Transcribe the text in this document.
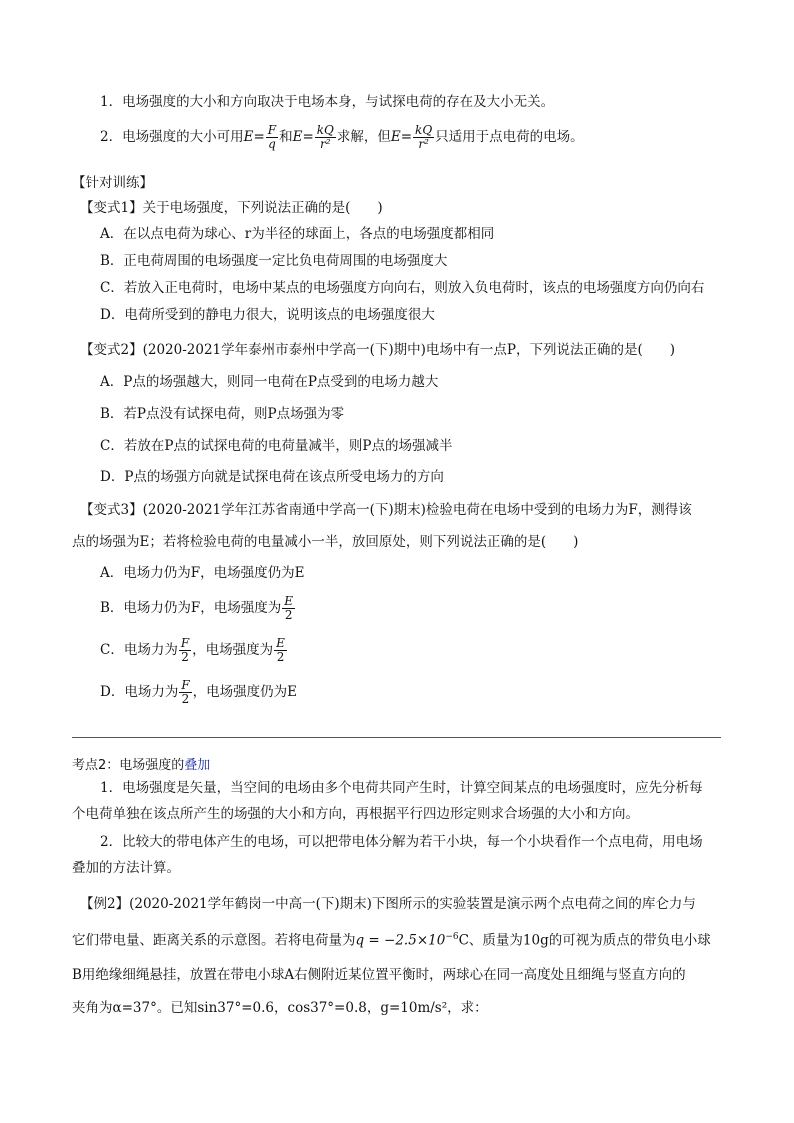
1．电场强度的大小和方向取决于电场本身，与试探电荷的存在及大小无关。
2．电场强度的大小可用$E= \frac{F}{q}$ 和$E= \frac{kQ}{\text{r²}}$ 求解，但$E= \frac{kQ}{\text{r²}}$ 只适用于点电荷的电场。
【针对训练】
【变式1】关于电场强度，下列说法正确的是(　　)
A．在以点电荷为球心、r为半径的球面上，各点的电场强度都相同
B．正电荷周围的电场强度一定比负电荷周围的电场强度大
C．若放入正电荷时，电场中某点的电场强度方向向右，则放入负电荷时，该点的电场强度方向仍向右
D．电荷所受到的静电力很大，说明该点的电场强度很大
【变式2】(2020-2021学年泰州市泰州中学高一(下)期中)电场中有一点P，下列说法正确的是(　　)
A．P点的场强越大，则同一电荷在P点受到的电场力越大
B．若P点没有试探电荷，则P点场强为零
C．若放在P点的试探电荷的电荷量减半，则P点的场强减半
D．P点的场强方向就是试探电荷在该点所受电场力的方向
【变式3】(2020-2021学年江苏省南通中学高一(下)期末)检验电荷在电场中受到的电场力为F，测得该
点的场强为E；若将检验电荷的电量减小一半，放回原处，则下列说法正确的是(　　)
A．电场力仍为F，电场强度仍为E
B．电场力仍为F，电场强度为 $\frac{E}{2}$
C．电场力为 $\frac{F}{2}$ ，电场强度为 $\frac{E}{2}$
D．电场力为 $\frac{F}{2}$ ，电场强度仍为E
考点2：电场强度的叠加
1．电场强度是矢量，当空间的电场由多个电荷共同产生时，计算空间某点的电场强度时，应先分析每
个电荷单独在该点所产生的场强的大小和方向，再根据平行四边形定则求合场强的大小和方向。
2．比较大的带电体产生的电场，可以把带电体分解为若干小块，每一个小块看作一个点电荷，用电场
叠加的方法计算。
【例2】(2020-2021学年鹤岗一中高一(下)期末)下图所示的实验装置是演示两个点电荷之间的库仑力与
它们带电量、距离关系的示意图。若将电荷量为$q = -2.5\times 10^{-6}C$、质量为10g的可视为质点的带负电小球
B用绝缘细绳悬挂，放置在带电小球A右侧附近某位置平衡时，两球心在同一高度处且细绳与竖直方向的
夹角为α=37°。已知sin37°=0.6，cos37°=0.8，g=10m/s²，求：
